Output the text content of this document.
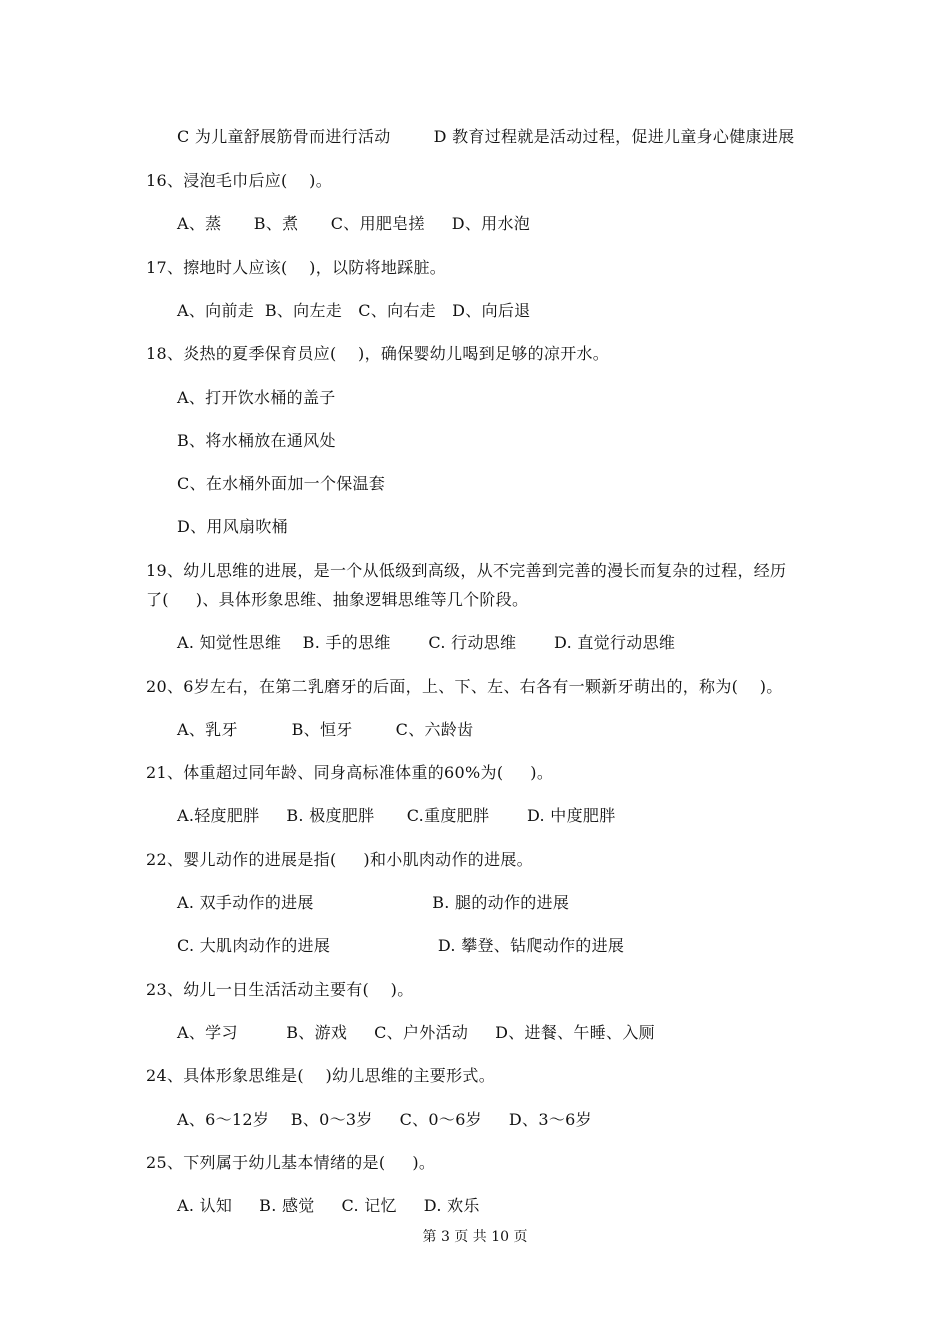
C 为儿童舒展筋骨而进行活动        D 教育过程就是活动过程，促进儿童身心健康进展
16、浸泡毛巾后应(    )。
A、蒸      B、煮      C、用肥皂搓     D、用水泡
17、擦地时人应该(    )，以防将地踩脏。
A、向前走  B、向左走   C、向右走   D、向后退
18、炎热的夏季保育员应(    )，确保婴幼儿喝到足够的凉开水。
A、打开饮水桶的盖子
B、将水桶放在通风处
C、在水桶外面加一个保温套
D、用风扇吹桶
19、幼儿思维的进展，是一个从低级到高级，从不完善到完善的漫长而复杂的过程，经历
了(     )、具体形象思维、抽象逻辑思维等几个阶段。
A. 知觉性思维    B. 手的思维       C. 行动思维       D. 直觉行动思维
20、6岁左右，在第二乳磨牙的后面，上、下、左、右各有一颗新牙萌出的，称为(    )。
A、乳牙          B、恒牙        C、六龄齿
21、体重超过同年龄、同身高标准体重的60%为(     )。
A.轻度肥胖     B. 极度肥胖      C.重度肥胖       D. 中度肥胖
22、婴儿动作的进展是指(     )和小肌肉动作的进展。
A. 双手动作的进展                      B. 腿的动作的进展
C. 大肌肉动作的进展                    D. 攀登、钻爬动作的进展
23、幼儿一日生活活动主要有(    )。
A、学习         B、游戏     C、户外活动     D、进餐、午睡、入厕
24、具体形象思维是(    )幼儿思维的主要形式。
A、6～12岁    B、0～3岁     C、0～6岁     D、3～6岁
25、下列属于幼儿基本情绪的是(     )。
A. 认知     B. 感觉     C. 记忆     D. 欢乐
第 3 页 共 10 页
